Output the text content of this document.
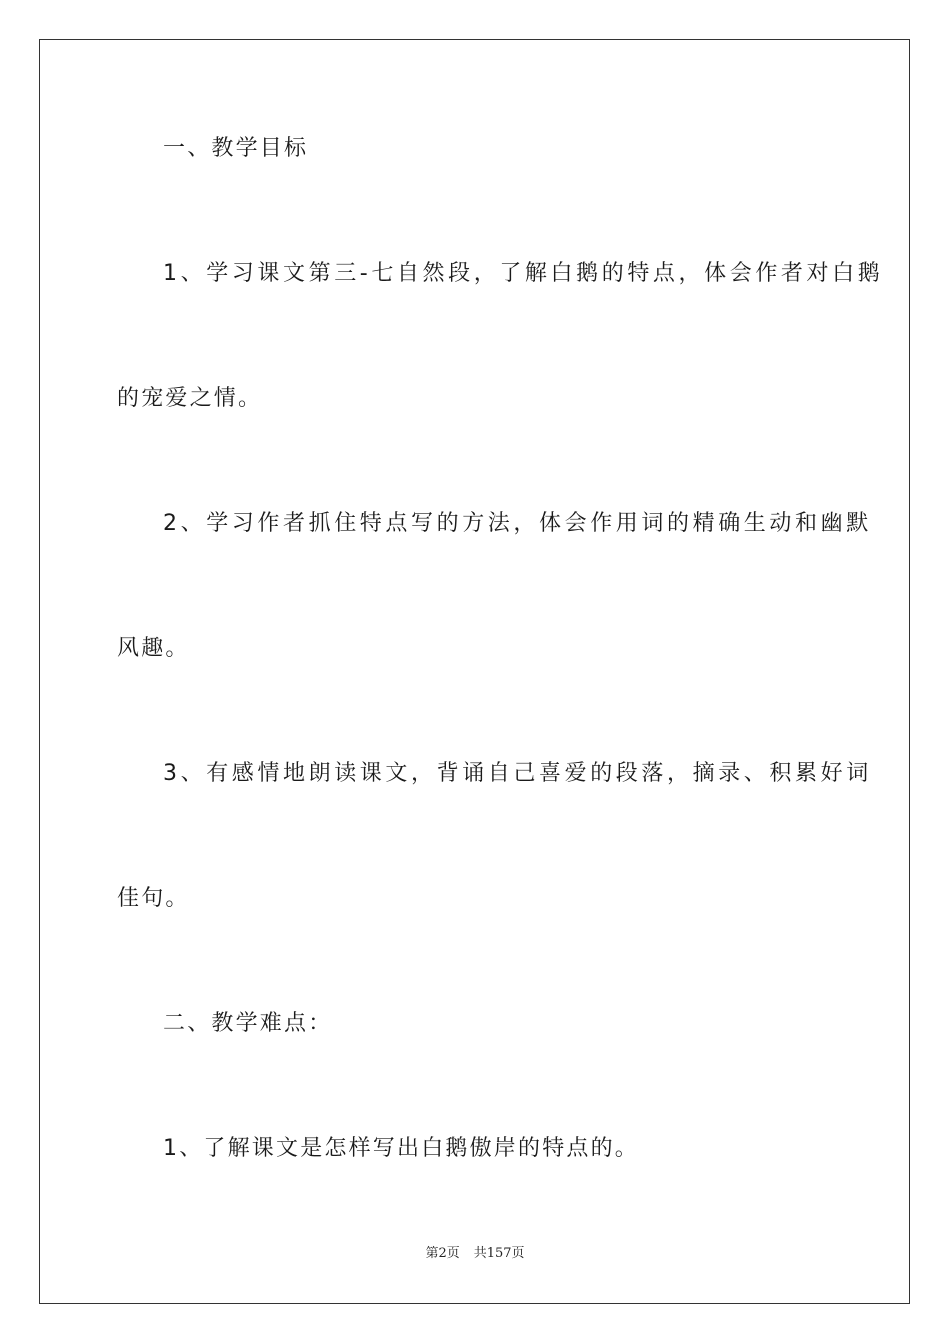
一、教学目标
1、学习课文第三-七自然段，了解白鹅的特点，体会作者对白鹅
的宠爱之情。
2、学习作者抓住特点写的方法，体会作用词的精确生动和幽默
风趣。
3、有感情地朗读课文，背诵自己喜爱的段落，摘录、积累好词
佳句。
二、教学难点：
1、了解课文是怎样写出白鹅傲岸的特点的。
第2页 共157页
